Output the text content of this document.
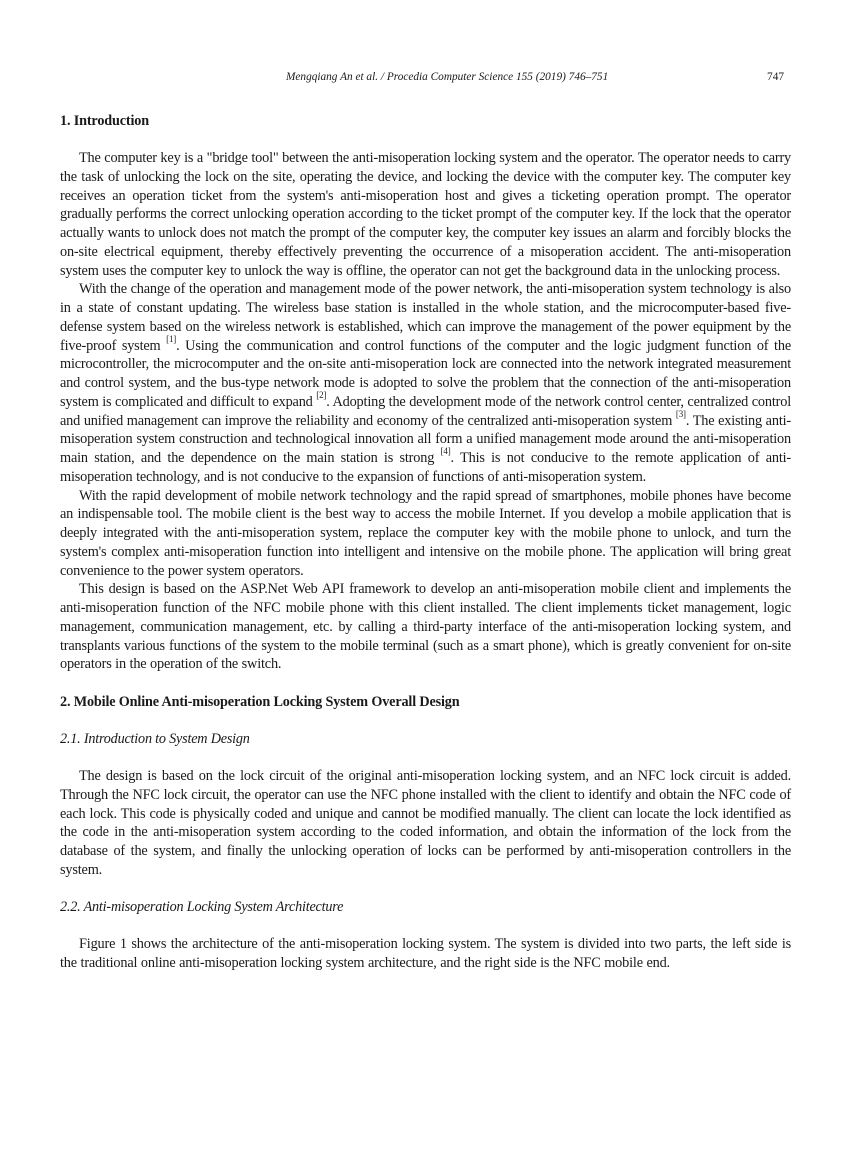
Mengqiang An et al. / Procedia Computer Science 155 (2019) 746–751	747
1. Introduction

The computer key is a "bridge tool" between the anti-misoperation locking system and the operator. The operator needs to carry the task of unlocking the lock on the site, operating the device, and locking the device with the computer key. The computer key receives an operation ticket from the system's anti-misoperation host and gives a ticketing operation prompt. The operator gradually performs the correct unlocking operation according to the ticket prompt of the computer key. If the lock that the operator actually wants to unlock does not match the prompt of the computer key, the computer key issues an alarm and forcibly blocks the on-site electrical equipment, thereby effectively preventing the occurrence of a misoperation accident. The anti-misoperation system uses the computer key to unlock the way is offline, the operator can not get the background data in the unlocking process.

With the change of the operation and management mode of the power network, the anti-misoperation system technology is also in a state of constant updating. The wireless base station is installed in the whole station, and the microcomputer-based five-defense system based on the wireless network is established, which can improve the management of the power equipment by the five-proof system [1]. Using the communication and control functions of the computer and the logic judgment function of the microcontroller, the microcomputer and the on-site anti-misoperation lock are connected into the network integrated measurement and control system, and the bus-type network mode is adopted to solve the problem that the connection of the anti-misoperation system is complicated and difficult to expand [2]. Adopting the development mode of the network control center, centralized control and unified management can improve the reliability and economy of the centralized anti-misoperation system [3]. The existing anti-misoperation system construction and technological innovation all form a unified management mode around the anti-misoperation main station, and the dependence on the main station is strong [4]. This is not conducive to the remote application of anti-misoperation technology, and is not conducive to the expansion of functions of anti-misoperation system.

With the rapid development of mobile network technology and the rapid spread of smartphones, mobile phones have become an indispensable tool. The mobile client is the best way to access the mobile Internet. If you develop a mobile application that is deeply integrated with the anti-misoperation system, replace the computer key with the mobile phone to unlock, and turn the system's complex anti-misoperation function into intelligent and intensive on the mobile phone. The application will bring great convenience to the power system operators.

This design is based on the ASP.Net Web API framework to develop an anti-misoperation mobile client and implements the anti-misoperation function of the NFC mobile phone with this client installed. The client implements ticket management, logic management, communication management, etc. by calling a third-party interface of the anti-misoperation locking system, and transplants various functions of the system to the mobile terminal (such as a smart phone), which is greatly convenient for on-site operators in the operation of the switch.

2. Mobile Online Anti-misoperation Locking System Overall Design
2.1. Introduction to System Design

The design is based on the lock circuit of the original anti-misoperation locking system, and an NFC lock circuit is added. Through the NFC lock circuit, the operator can use the NFC phone installed with the client to identify and obtain the NFC code of each lock. This code is physically coded and unique and cannot be modified manually. The client can locate the lock identified as the code in the anti-misoperation system according to the coded information, and obtain the information of the lock from the database of the system, and finally the unlocking operation of locks can be performed by anti-misoperation controllers in the system.

2.2. Anti-misoperation Locking System Architecture

Figure 1 shows the architecture of the anti-misoperation locking system. The system is divided into two parts, the left side is the traditional online anti-misoperation locking system architecture, and the right side is the NFC mobile end.
